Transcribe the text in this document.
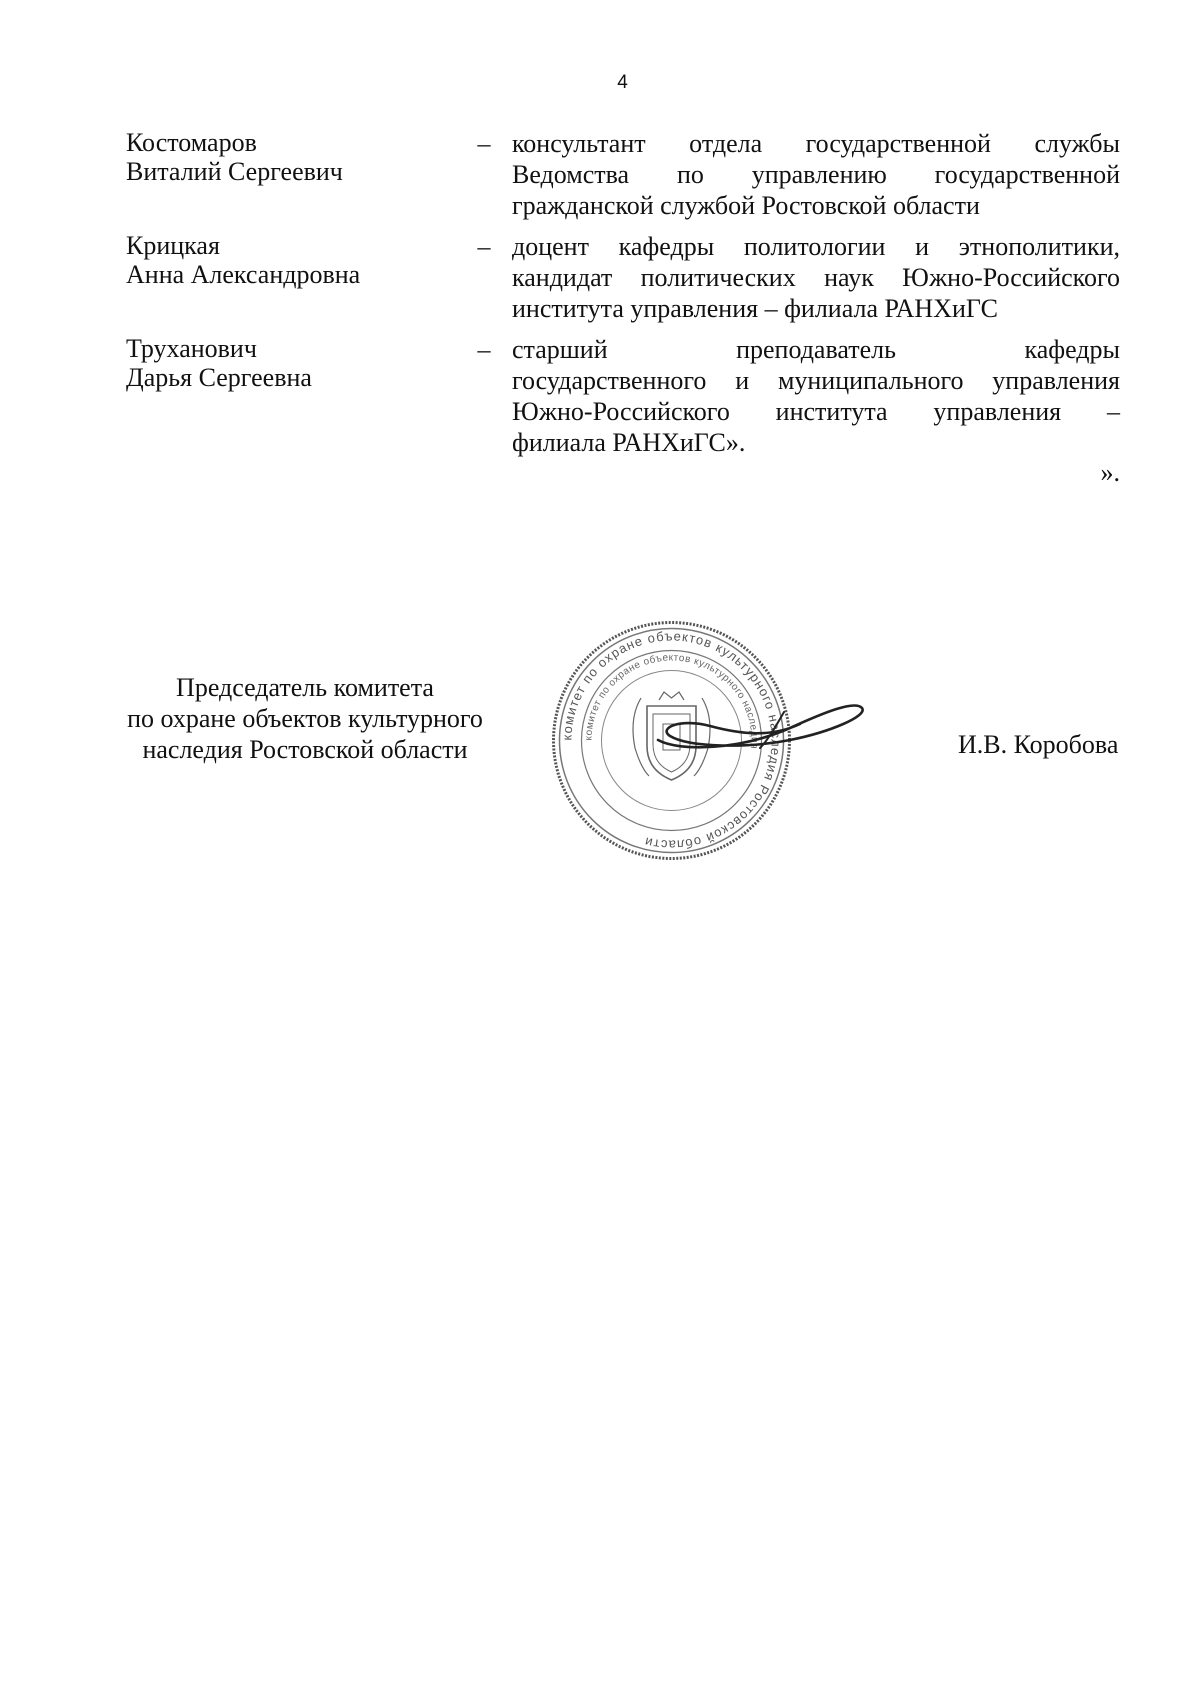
4
Костомаров
Виталий Сергеевич
– консультант отдела государственной службы
Ведомства по управлению государственной
гражданской службой Ростовской области
Крицкая
Анна Александровна
– доцент кафедры политологии и этнополитики,
кандидат политических наук Южно-Российского
института управления – филиала РАНХиГС
Труханович
Дарья Сергеевна
– старший преподаватель кафедры
государственного и муниципального управления
Южно-Российского института управления –
филиала РАНХиГС».
».
Председатель комитета
по охране объектов культурного
наследия Ростовской области	комитет по охране объектов культурного наследия Ростовской области
комитет по охране объектов культурного наследия	И.В. Коробова
